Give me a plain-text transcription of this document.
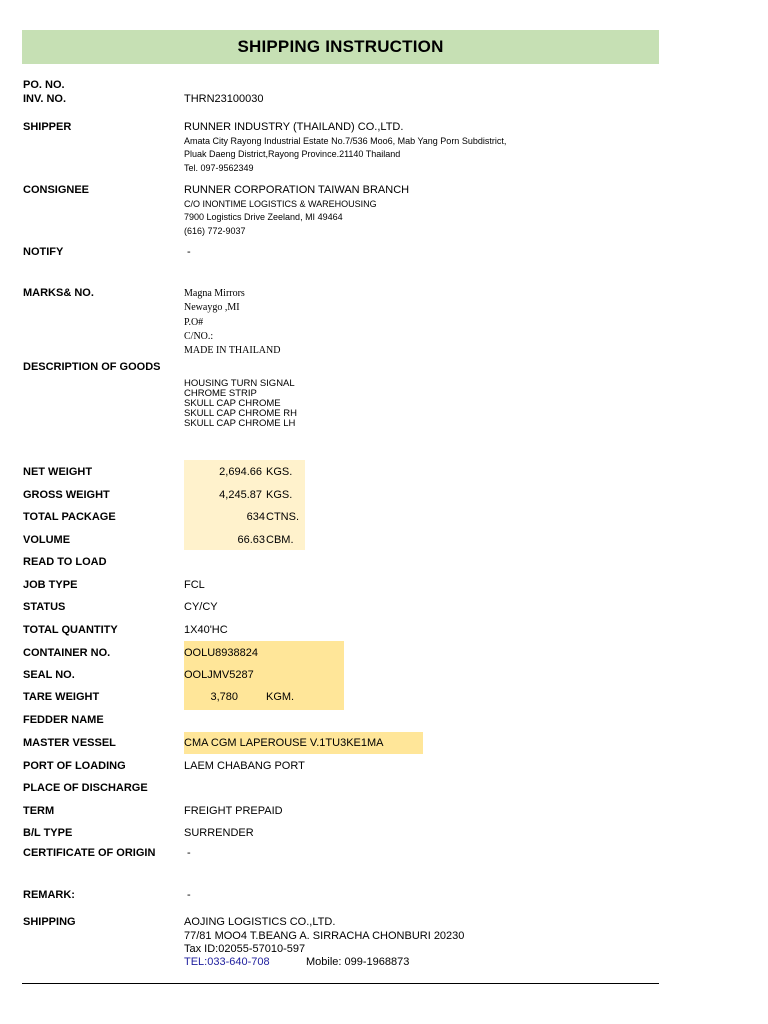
SHIPPING INSTRUCTION
PO. NO.
INV. NO.	THRN23100030
SHIPPER	RUNNER INDUSTRY (THAILAND) CO.,LTD.
Amata City Rayong Industrial Estate No.7/536 Moo6, Mab Yang Porn Subdistrict,
Pluak Daeng District,Rayong Province.21140 Thailand
Tel. 097-9562349
CONSIGNEE	RUNNER CORPORATION TAIWAN BRANCH
C/O INONTIME LOGISTICS & WAREHOUSING
7900 Logistics Drive Zeeland, MI 49464
(616) 772-9037
NOTIFY	-
MARKS& NO.	Magna Mirrors
Newaygo ,MI
P.O#
C/NO.:
MADE IN THAILAND
DESCRIPTION OF GOODS
HOUSING TURN SIGNAL
CHROME STRIP
SKULL CAP CHROME
SKULL CAP CHROME RH
SKULL CAP CHROME LH
NET WEIGHT	2,694.66 KGS.
GROSS WEIGHT	4,245.87 KGS.
TOTAL PACKAGE	634 CTNS.
VOLUME	66.63 CBM.
READ TO LOAD
JOB TYPE	FCL
STATUS	CY/CY
TOTAL QUANTITY	1X40'HC
CONTAINER NO.	OOLU8938824
SEAL NO.	OOLJMV5287
TARE WEIGHT	3,780	KGM.
FEDDER NAME
MASTER VESSEL	CMA CGM LAPEROUSE V.1TU3KE1MA
PORT OF LOADING	LAEM CHABANG PORT
PLACE OF DISCHARGE
TERM	FREIGHT PREPAID
B/L TYPE	SURRENDER
CERTIFICATE OF ORIGIN	-
REMARK:	-
SHIPPING	AOJING LOGISTICS CO.,LTD.
77/81 MOO4 T.BEANG A. SIRRACHA CHONBURI 20230
Tax ID:02055-57010-597
TEL:033-640-708	Mobile: 099-1968873
